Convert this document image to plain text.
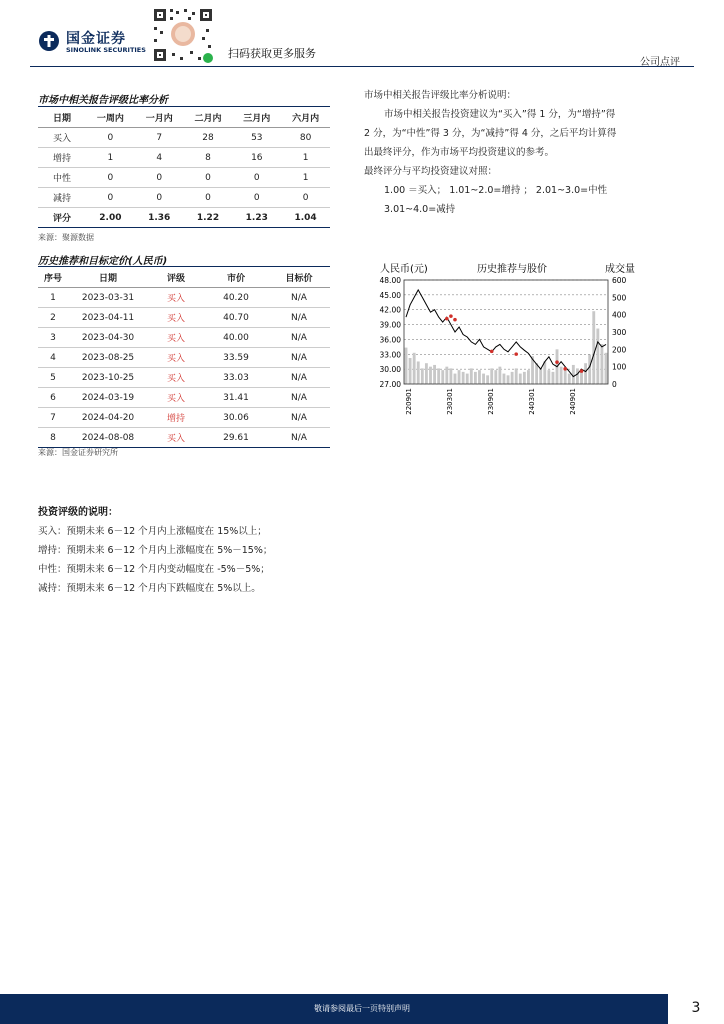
国金证券
SINOLINK SECURITIES	扫码获取更多服务
公司点评
市场中相关报告评级比率分析
日期	一周内	一月内	二月内	三月内	六月内
买入	0	7	28	53	80
增持	1	4	8	16	1
中性	0	0	0	0	1
减持	0	0	0	0	0
评分	2.00	1.36	1.22	1.23	1.04
来源：聚源数据
市场中相关报告评级比率分析说明：
市场中相关报告投资建议为“买入”得 1 分，为“增持”得
2 分，为“中性”得 3 分，为“减持”得 4 分，之后平均计算得
出最终评分，作为市场平均投资建议的参考。
最终评分与平均投资建议对照：
1.00 ＝买入； 1.01~2.0=增持 ； 2.01~3.0=中性
3.01~4.0=减持
历史推荐和目标定价(人民币)
序号	日期	评级	市价	目标价
1	2023-03-31	买入	40.20	N/A
2	2023-04-11	买入	40.70	N/A
3	2023-04-30	买入	40.00	N/A
4	2023-08-25	买入	33.59	N/A
5	2023-10-25	买入	33.03	N/A
6	2024-03-19	买入	31.41	N/A
7	2024-04-20	增持	30.06	N/A
8	2024-08-08	买入	29.61	N/A
来源：国金证券研究所
48.00
45.00
42.00
39.00
36.00
33.00
30.00
27.00
600
500
400
300
200
100
0
220901	230301	230901	240301	240901
人民币(元)	历史推荐与股价	成交量
投资评级的说明：
买入：预期未来 6－12 个月内上涨幅度在 15%以上；
增持：预期未来 6－12 个月内上涨幅度在 5%－15%；
中性：预期未来 6－12 个月内变动幅度在 -5%－5%；
减持：预期未来 6－12 个月内下跌幅度在 5%以上。
敬请参阅最后一页特别声明	3
